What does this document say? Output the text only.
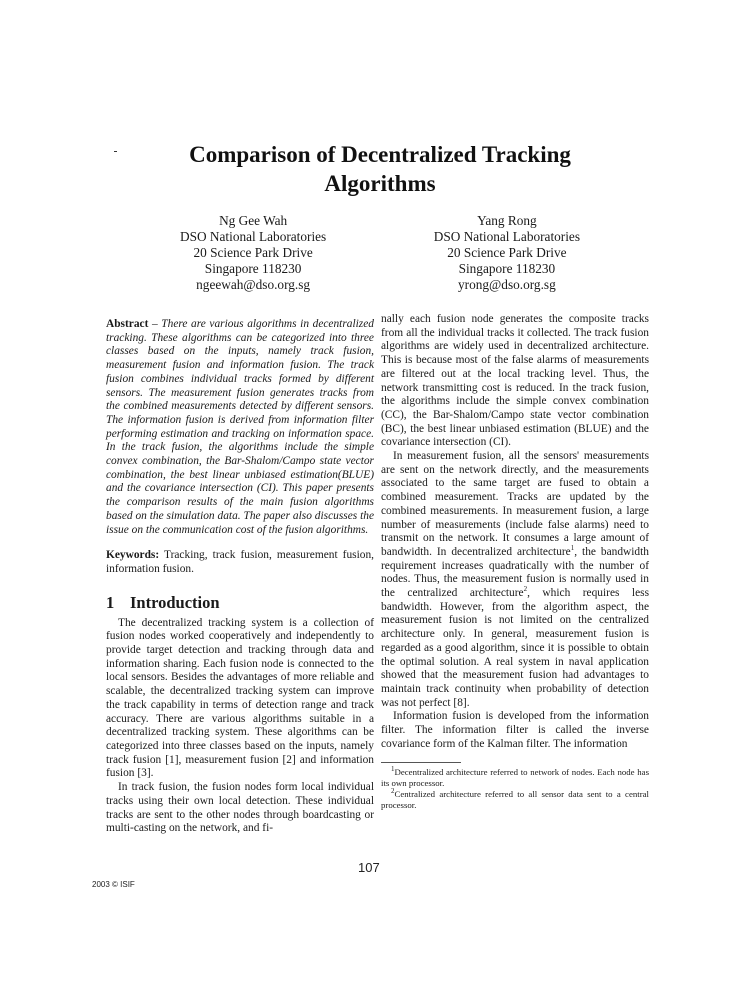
Comparison of Decentralized Tracking
Algorithms
Ng Gee Wah
DSO National Laboratories
20 Science Park Drive
Singapore 118230
ngeewah@dso.org.sg
Yang Rong
DSO National Laboratories
20 Science Park Drive
Singapore 118230
yrong@dso.org.sg
Abstract – There are various algorithms in decentralized tracking. These algorithms can be categorized into three classes based on the inputs, namely track fusion, measurement fusion and information fusion. The track fusion combines individual tracks formed by different sensors. The measurement fusion generates tracks from the combined measurements detected by different sensors. The information fusion is derived from information filter performing estimation and tracking on information space. In the track fusion, the algorithms include the simple convex combination, the Bar-Shalom/Campo state vector combination, the best linear unbiased estimation(BLUE) and the covariance intersection (CI). This paper presents the comparison results of the main fusion algorithms based on the simulation data. The paper also discusses the issue on the communication cost of the fusion algorithms.
Keywords: Tracking, track fusion, measurement fusion, information fusion.
1 Introduction

The decentralized tracking system is a collection of fusion nodes worked cooperatively and independently to provide target detection and tracking through data and information sharing. Each fusion node is connected to the local sensors. Besides the advantages of more reliable and scalable, the decentralized tracking system can improve the track capability in terms of detection range and track accuracy. There are various algorithms suitable in a decentralized tracking system. These algorithms can be categorized into three classes based on the inputs, namely track fusion [1], measurement fusion [2] and information fusion [3].

In track fusion, the fusion nodes form local individual tracks using their own local detection. These individual tracks are sent to the other nodes through boardcasting or multi-casting on the network, and fi-

nally each fusion node generates the composite tracks from all the individual tracks it collected. The track fusion algorithms are widely used in decentralized architecture. This is because most of the false alarms of measurements are filtered out at the local tracking level. Thus, the network transmitting cost is reduced. In the track fusion, the algorithms include the simple convex combination (CC), the Bar-Shalom/Campo state vector combination (BC), the best linear unbiased estimation (BLUE) and the covariance intersection (CI).

In measurement fusion, all the sensors' measurements are sent on the network directly, and the measurements associated to the same target are fused to obtain a combined measurement. Tracks are updated by the combined measurements. In measurement fusion, a large number of measurements (include false alarms) need to transmit on the network. It consumes a large amount of bandwidth. In decentralized architecture$^1$, the bandwidth requirement increases quadratically with the number of nodes. Thus, the measurement fusion is normally used in the centralized architecture$^2$, which requires less bandwidth. However, from the algorithm aspect, the measurement fusion is not limited on the centralized architecture only. In general, measurement fusion is regarded as a good algorithm, since it is possible to obtain the optimal solution. A real system in naval application showed that the measurement fusion had advantages to maintain track continuity when probability of detection was not perfect [8].

Information fusion is developed from the information filter. The information filter is called the inverse covariance form of the Kalman filter. The information

$^1$Decentralized architecture referred to network of nodes. Each node has its own processor.
$^2$Centralized architecture referred to all sensor data sent to a central processor.
107
2003 © ISIF
